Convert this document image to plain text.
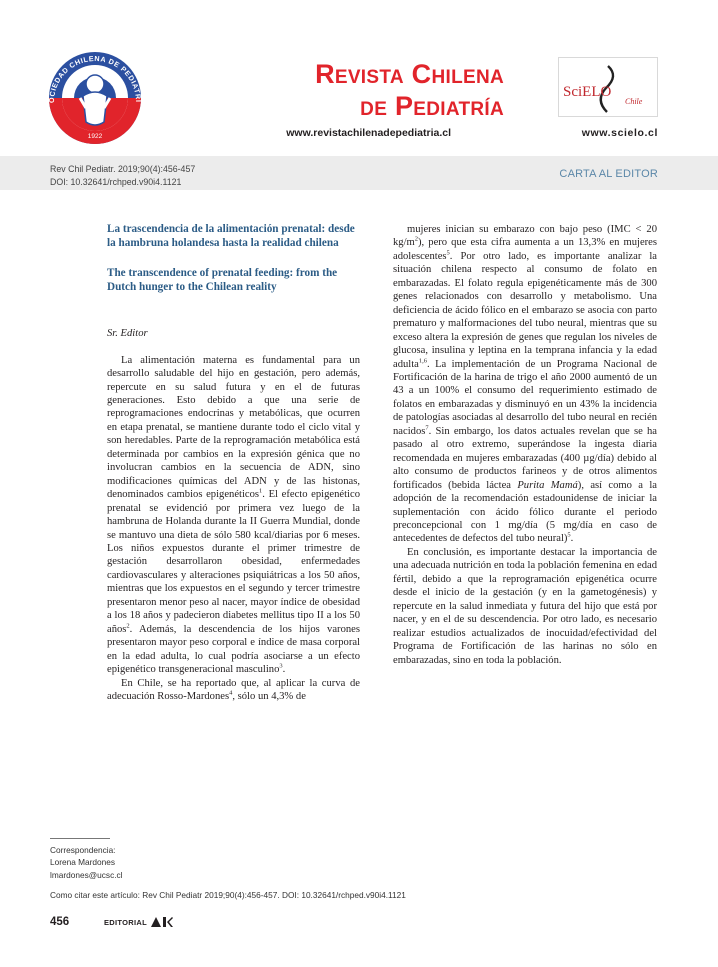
OCIEDAD CHILENA DE PEDIATRI
1922
Revista Chilena
de Pediatría
www.revistachilenadepediatria.cl
SciELO
Chile
www.scielo.cl
Rev Chil Pediatr. 2019;90(4):456-457
DOI: 10.32641/rchped.v90i4.1121
CARTA AL EDITOR
La trascendencia de la alimentación prenatal: desde la hambruna holandesa hasta la realidad chilena
The transcendence of prenatal feeding: from the Dutch hunger to the Chilean reality
Sr. Editor

La alimentación materna es fundamental para un desarrollo saludable del hijo en gestación, pero además, repercute en su salud futura y en el de futuras generaciones. Esto debido a que una serie de reprogramaciones endocrinas y metabólicas, que ocurren en etapa prenatal, se mantiene durante todo el ciclo vital y son heredables. Parte de la reprogramación metabólica está determinada por cambios en la expresión génica que no involucran cambios en la secuencia de ADN, sino modificaciones químicas del ADN y de las histonas, denominados cambios epigenéticos$^1$. El efecto epigenético prenatal se evidenció por primera vez luego de la hambruna de Holanda durante la II Guerra Mundial, donde se mantuvo una dieta de sólo 580 kcal/diarias por 6 meses. Los niños expuestos durante el primer trimestre de gestación desarrollaron obesidad, enfermedades cardiovasculares y alteraciones psiquiátricas a los 50 años, mientras que los expuestos en el segundo y tercer trimestre presentaron menor peso al nacer, mayor índice de obesidad a los 18 años y padecieron diabetes mellitus tipo II a los 50 años$^2$. Además, la descendencia de los hijos varones presentaron mayor peso corporal e índice de masa corporal en la edad adulta, lo cual podría asociarse a un efecto epigenético transgeneracional masculino$^3$.

En Chile, se ha reportado que, al aplicar la curva de adecuación Rosso-Mardones$^4$, sólo un 4,3% de

mujeres inician su embarazo con bajo peso (IMC < 20 $kg/m^2$), pero que esta cifra aumenta a un 13,3% en mujeres adolescentes$^5$. Por otro lado, es importante analizar la situación chilena respecto al consumo de folato en embarazadas. El folato regula epigenéticamente más de 300 genes relacionados con desarrollo y metabolismo. Una deficiencia de ácido fólico en el embarazo se asocia con parto prematuro y malformaciones del tubo neural, mientras que su exceso altera la expresión de genes que regulan los niveles de glucosa, insulina y leptina en la temprana infancia y la edad adulta$^{1,6}$. La implementación de un Programa Nacional de Fortificación de la harina de trigo el año 2000 aumentó de un 43 a un 100% el consumo del requerimiento estimado de folatos en embarazadas y disminuyó en un 43% la incidencia de patologías asociadas al desarrollo del tubo neural en recién nacidos$^7$. Sin embargo, los datos actuales revelan que se ha pasado al otro extremo, superándose la ingesta diaria recomendada en mujeres embarazadas (400 µg/día) debido al alto consumo de productos farineos y de otros alimentos fortificados (bebida láctea Purita Mamá), así como a la adopción de la recomendación estadounidense de iniciar la suplementación con ácido fólico durante el periodo preconcepcional con 1 mg/día (5 mg/día en caso de antecedentes de defectos del tubo neural)$^5$.

En conclusión, es importante destacar la importancia de una adecuada nutrición en toda la población femenina en edad fértil, debido a que la reprogramación epigenética ocurre desde el inicio de la gestación (y en la gametogénesis) y repercute en la salud inmediata y futura del hijo que está por nacer, y en el de su descendencia. Por otro lado, es necesario realizar estudios actualizados de inocuidad/efectividad del Programa de Fortificación de las harinas no sólo en embarazadas, sino en toda la población.

Correspondencia:
Lorena Mardones
lmardones@ucsc.cl
Como citar este artículo: Rev Chil Pediatr 2019;90(4):456-457. DOI: 10.32641/rchped.v90i4.1121
456	EDITORIAL
